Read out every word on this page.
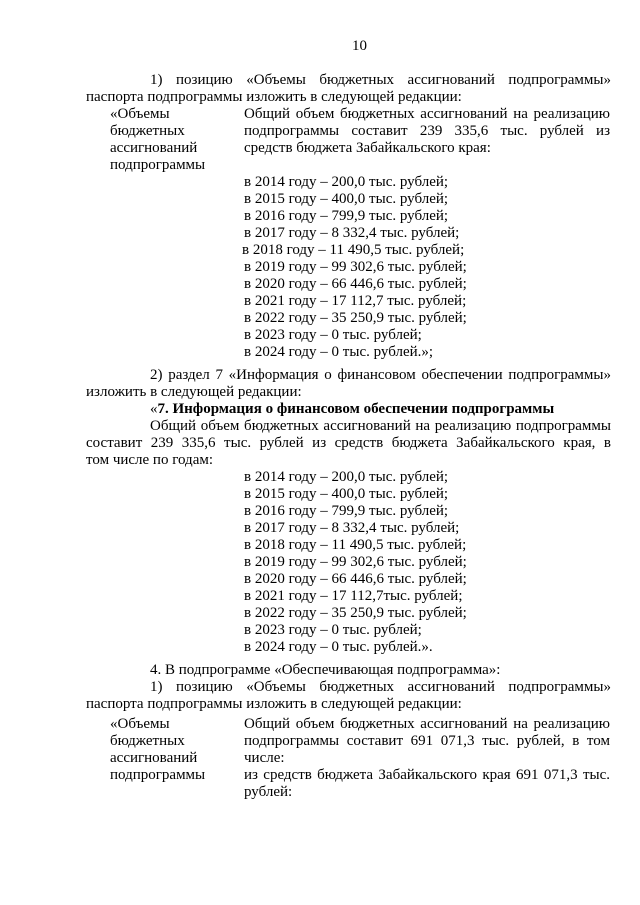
10
1) позицию «Объемы бюджетных ассигнований подпрограммы»
паспорта подпрограммы изложить в следующей редакции:
«Объемы
бюджетных
ассигнований
подпрограммы
Общий объем бюджетных ассигнований на реализацию
подпрограммы составит 239 335,6 тыс. рублей из
средств бюджета Забайкальского края:
в 2014 году – 200,0 тыс. рублей;
в 2015 году – 400,0 тыс. рублей;
в 2016 году – 799,9 тыс. рублей;
в 2017 году – 8 332,4 тыс. рублей;
в 2018 году – 11 490,5 тыс. рублей;
в 2019 году – 99 302,6 тыс. рублей;
в 2020 году – 66 446,6 тыс. рублей;
в 2021 году – 17 112,7 тыс. рублей;
в 2022 году – 35 250,9 тыс. рублей;
в 2023 году – 0 тыс. рублей;
в 2024 году – 0 тыс. рублей.»;
2) раздел 7 «Информация о финансовом обеспечении подпрограммы»
изложить в следующей редакции:
«7. Информация о финансовом обеспечении подпрограммы
Общий объем бюджетных ассигнований на реализацию подпрограммы
составит 239 335,6 тыс. рублей из средств бюджета Забайкальского края, в
том числе по годам:
в 2014 году – 200,0 тыс. рублей;
в 2015 году – 400,0 тыс. рублей;
в 2016 году – 799,9 тыс. рублей;
в 2017 году – 8 332,4 тыс. рублей;
в 2018 году – 11 490,5 тыс. рублей;
в 2019 году – 99 302,6 тыс. рублей;
в 2020 году – 66 446,6 тыс. рублей;
в 2021 году – 17 112,7тыс. рублей;
в 2022 году – 35 250,9 тыс. рублей;
в 2023 году – 0 тыс. рублей;
в 2024 году – 0 тыс. рублей.».
4. В подпрограмме «Обеспечивающая подпрограмма»:
1) позицию «Объемы бюджетных ассигнований подпрограммы»
паспорта подпрограммы изложить в следующей редакции:
«Объемы
бюджетных
ассигнований
подпрограммы
Общий объем бюджетных ассигнований на реализацию
подпрограммы составит 691 071,3 тыс. рублей, в том
числе:
из средств бюджета Забайкальского края 691 071,3 тыс.
рублей:
